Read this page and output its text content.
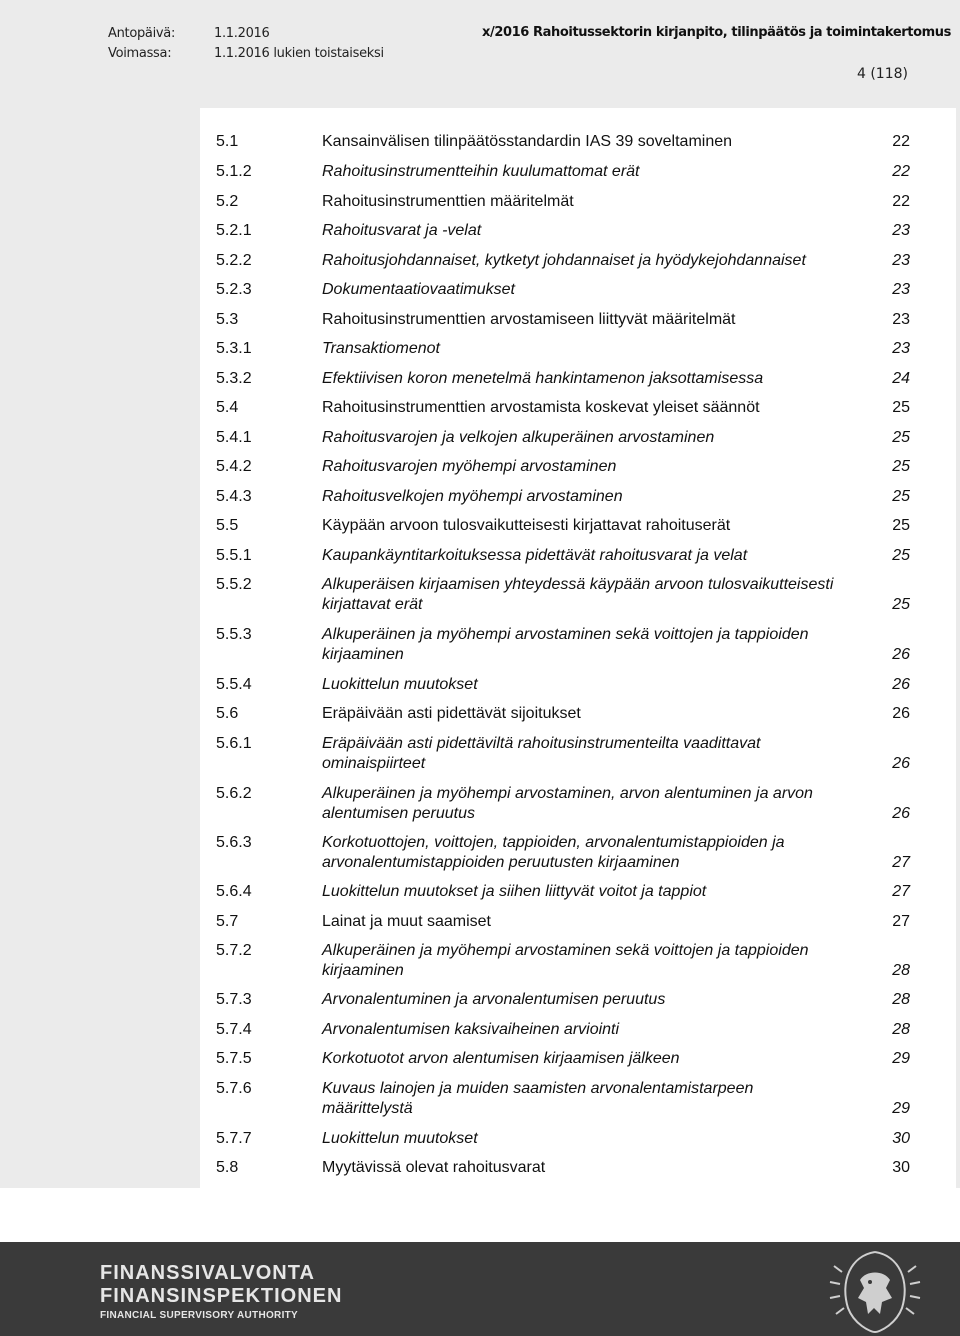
Antopäivä:	1.1.2016
Voimassa:	1.1.2016 lukien toistaiseksi
x/2016 Rahoitussektorin kirjanpito, tilinpäätös ja toimintakertomus
4 (118)
5.1	Kansainvälisen tilinpäätösstandardin IAS 39 soveltaminen	22
5.1.2	Rahoitusinstrumentteihin kuulumattomat erät	22
5.2	Rahoitusinstrumenttien määritelmät	22
5.2.1	Rahoitusvarat ja -velat	23
5.2.2	Rahoitusjohdannaiset, kytketyt johdannaiset ja hyödykejohdannaiset	23
5.2.3	Dokumentaatiovaatimukset	23
5.3	Rahoitusinstrumenttien arvostamiseen liittyvät määritelmät	23
5.3.1	Transaktiomenot	23
5.3.2	Efektiivisen koron menetelmä hankintamenon jaksottamisessa	24
5.4	Rahoitusinstrumenttien arvostamista koskevat yleiset säännöt	25
5.4.1	Rahoitusvarojen ja velkojen alkuperäinen arvostaminen	25
5.4.2	Rahoitusvarojen myöhempi arvostaminen	25
5.4.3	Rahoitusvelkojen myöhempi arvostaminen	25
5.5	Käypään arvoon tulosvaikutteisesti kirjattavat rahoituserät	25
5.5.1	Kaupankäyntitarkoituksessa pidettävät rahoitusvarat ja velat	25
5.5.2	Alkuperäisen kirjaamisen yhteydessä käypään arvoon tulosvaikutteisesti
kirjattavat erät	25
5.5.3	Alkuperäinen ja myöhempi arvostaminen sekä voittojen ja tappioiden
kirjaaminen	26
5.5.4	Luokittelun muutokset	26
5.6	Eräpäivään asti pidettävät sijoitukset	26
5.6.1	Eräpäivään asti pidettäviltä rahoitusinstrumenteilta vaadittavat
ominaispiirteet	26
5.6.2	Alkuperäinen ja myöhempi arvostaminen, arvon alentuminen ja arvon
alentumisen peruutus	26
5.6.3	Korkotuottojen, voittojen, tappioiden, arvonalentumistappioiden ja
arvonalentumistappioiden peruutusten kirjaaminen	27
5.6.4	Luokittelun muutokset ja siihen liittyvät voitot ja tappiot	27
5.7	Lainat ja muut saamiset	27
5.7.2	Alkuperäinen ja myöhempi arvostaminen sekä voittojen ja tappioiden
kirjaaminen	28
5.7.3	Arvonalentuminen ja arvonalentumisen peruutus	28
5.7.4	Arvonalentumisen kaksivaiheinen arviointi	28
5.7.5	Korkotuotot arvon alentumisen kirjaamisen jälkeen	29
5.7.6	Kuvaus lainojen ja muiden saamisten arvonalentamistarpeen
määrittelystä	29
5.7.7	Luokittelun muutokset	30
5.8	Myytävissä olevat rahoitusvarat	30
FINANSSIVALVONTA
FINANSINSPEKTIONEN
FINANCIAL SUPERVISORY AUTHORITY
